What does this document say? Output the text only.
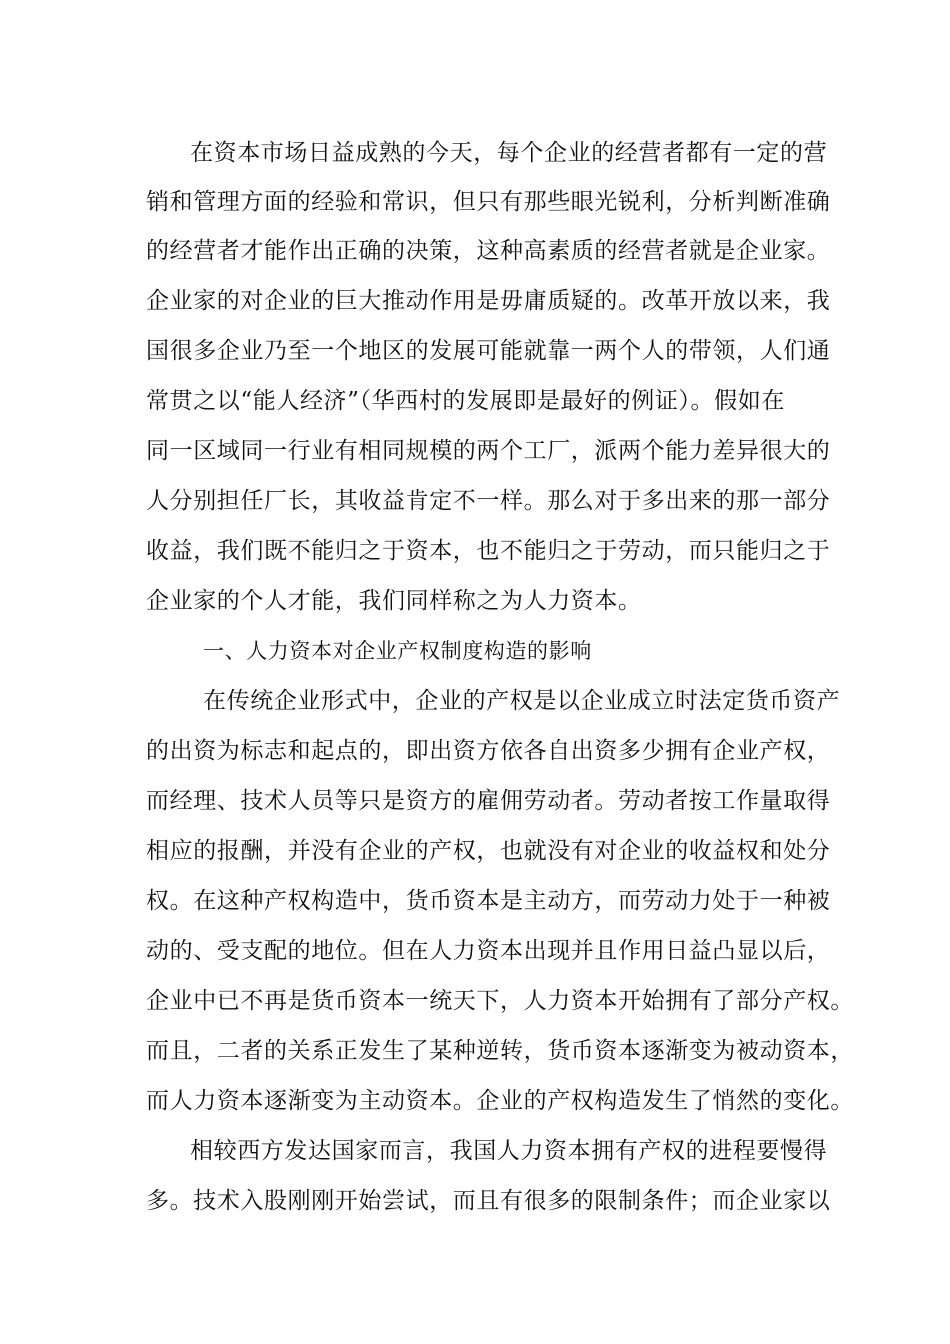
在资本市场日益成熟的今天，每个企业的经营者都有一定的营
销和管理方面的经验和常识，但只有那些眼光锐利，分析判断准确
的经营者才能作出正确的决策，这种高素质的经营者就是企业家。
企业家的对企业的巨大推动作用是毋庸质疑的。改革开放以来，我
国很多企业乃至一个地区的发展可能就靠一两个人的带领，人们通
常贯之以“能人经济”（华西村的发展即是最好的例证）。假如在
同一区域同一行业有相同规模的两个工厂，派两个能力差异很大的
人分别担任厂长，其收益肯定不一样。那么对于多出来的那一部分
收益，我们既不能归之于资本，也不能归之于劳动，而只能归之于
企业家的个人才能，我们同样称之为人力资本。
一、人力资本对企业产权制度构造的影响
在传统企业形式中，企业的产权是以企业成立时法定货币资产
的出资为标志和起点的，即出资方依各自出资多少拥有企业产权，
而经理、技术人员等只是资方的雇佣劳动者。劳动者按工作量取得
相应的报酬，并没有企业的产权，也就没有对企业的收益权和处分
权。在这种产权构造中，货币资本是主动方，而劳动力处于一种被
动的、受支配的地位。但在人力资本出现并且作用日益凸显以后，
企业中已不再是货币资本一统天下，人力资本开始拥有了部分产权。
而且，二者的关系正发生了某种逆转，货币资本逐渐变为被动资本，
而人力资本逐渐变为主动资本。企业的产权构造发生了悄然的变化。
相较西方发达国家而言，我国人力资本拥有产权的进程要慢得
多。技术入股刚刚开始尝试，而且有很多的限制条件；而企业家以
